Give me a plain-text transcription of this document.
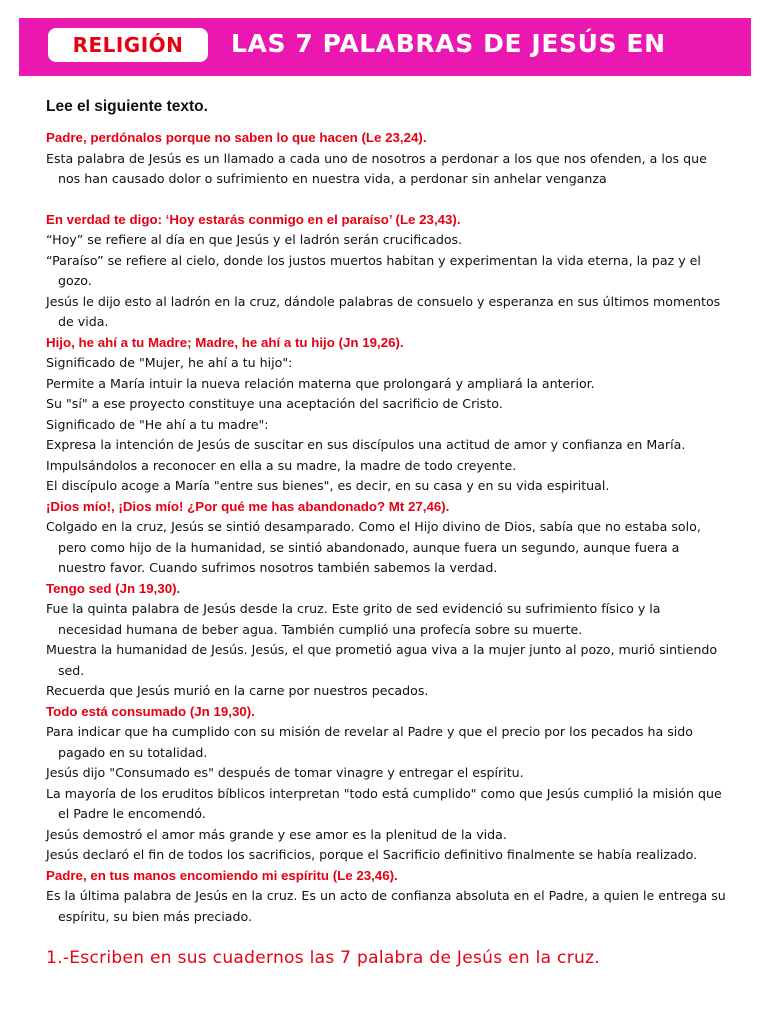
RELIGIÓN	LAS 7 PALABRAS DE JESÚS EN

Lee el siguiente texto.

Padre, perdónalos porque no saben lo que hacen (Le 23,24).

Esta palabra de Jesús es un llamado a cada uno de nosotros a perdonar a los que nos ofenden, a los que nos han causado dolor o sufrimiento en nuestra vida, a perdonar sin anhelar venganza

En verdad te digo: ‘Hoy estarás conmigo en el paraíso’ (Le 23,43).

“Hoy” se refiere al día en que Jesús y el ladrón serán crucificados.

“Paraíso” se refiere al cielo, donde los justos muertos habitan y experimentan la vida eterna, la paz y el gozo.

Jesús le dijo esto al ladrón en la cruz, dándole palabras de consuelo y esperanza en sus últimos momentos de vida.

Hijo, he ahí a tu Madre; Madre, he ahí a tu hijo (Jn 19,26).

Significado de "Mujer, he ahí a tu hijo":

Permite a María intuir la nueva relación materna que prolongará y ampliará la anterior.

Su "sí" a ese proyecto constituye una aceptación del sacrificio de Cristo.

Significado de "He ahí a tu madre":

Expresa la intención de Jesús de suscitar en sus discípulos una actitud de amor y confianza en María.

Impulsándolos a reconocer en ella a su madre, la madre de todo creyente.

El discípulo acoge a María "entre sus bienes", es decir, en su casa y en su vida espiritual.

¡Dios mío!, ¡Dios mío! ¿Por qué me has abandonado? Mt 27,46).

Colgado en la cruz, Jesús se sintió desamparado. Como el Hijo divino de Dios, sabía que no estaba solo, pero como hijo de la humanidad, se sintió abandonado, aunque fuera un segundo, aunque fuera a nuestro favor. Cuando sufrimos nosotros también sabemos la verdad.

Tengo sed (Jn 19,30).

Fue la quinta palabra de Jesús desde la cruz. Este grito de sed evidenció su sufrimiento físico y la necesidad humana de beber agua. También cumplió una profecía sobre su muerte.

Muestra la humanidad de Jesús. Jesús, el que prometió agua viva a la mujer junto al pozo, murió sintiendo sed.

Recuerda que Jesús murió en la carne por nuestros pecados.

Todo está consumado (Jn 19,30).

Para indicar que ha cumplido con su misión de revelar al Padre y que el precio por los pecados ha sido pagado en su totalidad.

Jesús dijo "Consumado es" después de tomar vinagre y entregar el espíritu.

La mayoría de los eruditos bíblicos interpretan "todo está cumplido" como que Jesús cumplió la misión que el Padre le encomendó.

Jesús demostró el amor más grande y ese amor es la plenitud de la vida.

Jesús declaró el fin de todos los sacrificios, porque el Sacrificio definitivo finalmente se había realizado.

Padre, en tus manos encomiendo mi espíritu (Le 23,46).

Es la última palabra de Jesús en la cruz. Es un acto de confianza absoluta en el Padre, a quien le entrega su espíritu, su bien más preciado.

1.-Escriben en sus cuadernos las 7 palabra de Jesús en la cruz.
